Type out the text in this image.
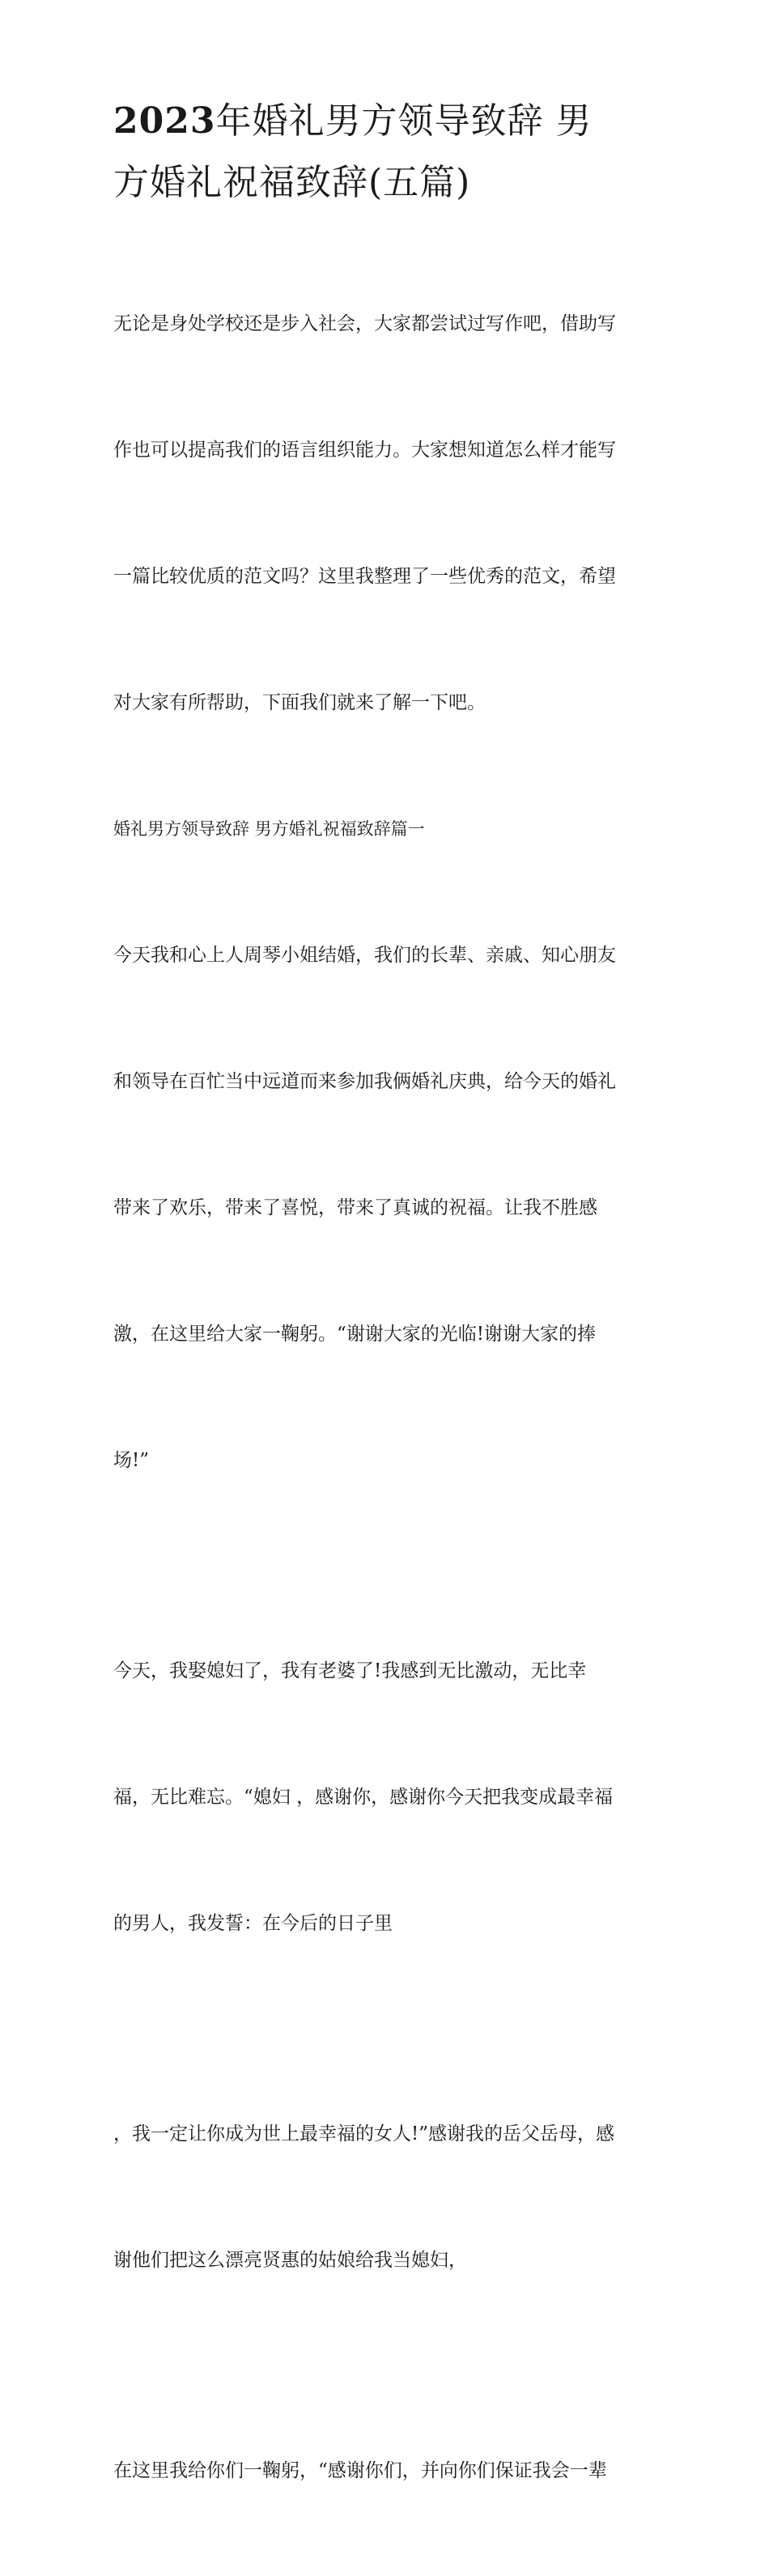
2023年婚礼男方领导致辞 男
方婚礼祝福致辞(五篇)

无论是身处学校还是步入社会，大家都尝试过写作吧，借助写

作也可以提高我们的语言组织能力。大家想知道怎么样才能写

一篇比较优质的范文吗？这里我整理了一些优秀的范文，希望

对大家有所帮助，下面我们就来了解一下吧。

婚礼男方领导致辞 男方婚礼祝福致辞篇一

今天我和心上人周琴小姐结婚，我们的长辈、亲戚、知心朋友

和领导在百忙当中远道而来参加我俩婚礼庆典，给今天的婚礼

带来了欢乐，带来了喜悦，带来了真诚的祝福。让我不胜感

激，在这里给大家一鞠躬。“谢谢大家的光临!谢谢大家的捧

场!”

今天，我娶媳妇了，我有老婆了!我感到无比激动，无比幸

福，无比难忘。“媳妇 ，感谢你，感谢你今天把我变成最幸福

的男人，我发誓：在今后的日子里

，我一定让你成为世上最幸福的女人!”感谢我的岳父岳母，感

谢他们把这么漂亮贤惠的姑娘给我当媳妇，

在这里我给你们一鞠躬，“感谢你们，并向你们保证我会一辈
